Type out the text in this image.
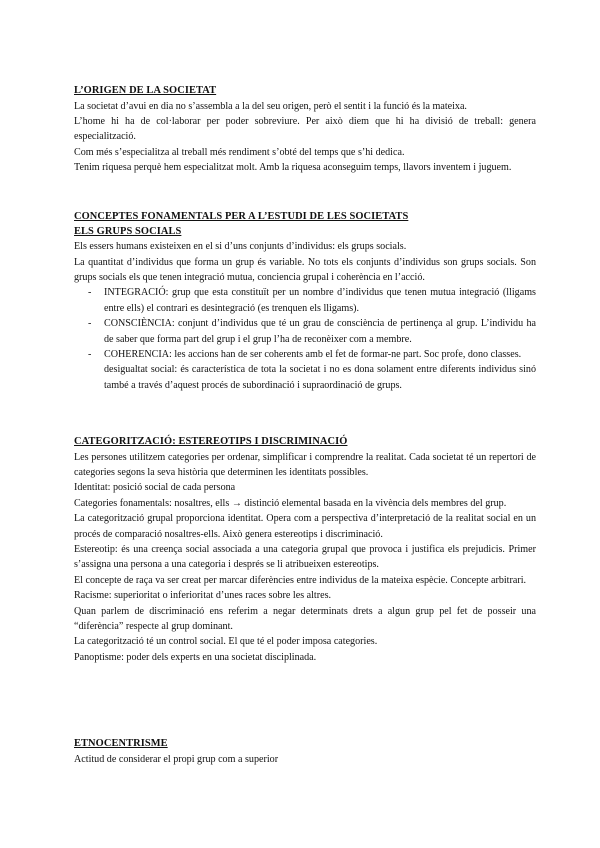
L’ORIGEN DE LA SOCIETAT

La societat d’avui en dia no s’assembla a la del seu origen, però el sentit i la funció és la mateixa.

L’home hi ha de col·laborar per poder sobreviure. Per això diem que hi ha divisió de treball: genera especialització.

Com més s’especialitza al treball més rendiment s’obté del temps que s’hi dedica.

Tenim riquesa perquè hem especialitzat molt. Amb la riquesa aconseguim temps, llavors inventem i juguem.

CONCEPTES FONAMENTALS PER A L’ESTUDI DE LES SOCIETATS
ELS GRUPS SOCIALS

Els essers humans existeixen en el si d’uns conjunts d’individus: els grups socials.

La quantitat d’individus que forma un grup és variable. No tots els conjunts d’individus son grups socials. Son grups socials els que tenen integració mutua, conciencia grupal i coherència en l’acció.

- INTEGRACIÓ: grup que esta constituït per un nombre d’individus que tenen mutua integració (lligams entre ells) el contrari es desintegració (es trenquen els lligams).
- CONSCIÈNCIA: conjunt d’individus que té un grau de consciència de pertinença al grup. L’individu ha de saber que forma part del grup i el grup l’ha de reconèixer com a membre.
- COHERENCIA: les accions han de ser coherents amb el fet de formar-ne part. Soc profe, dono classes.

desigualtat social: és característica de tota la societat i no es dona solament entre diferents individus sinó també a través d’aquest procés de subordinació i supraordinació de grups.

CATEGORITZACIÓ: ESTEREOTIPS I DISCRIMINACIÓ

Les persones utilitzem categories per ordenar, simplificar i comprendre la realitat. Cada societat té un repertori de categories segons la seva història que determinen les identitats possibles.

Identitat: posició social de cada persona

Categories fonamentals: nosaltres, ells → distinció elemental basada en la vivència dels membres del grup.

La categorització grupal proporciona identitat. Opera com a perspectiva d’interpretació de la realitat social en un procés de comparació nosaltres-ells. Això genera estereotips i discriminació.

Estereotip: és una creença social associada a una categoria grupal que provoca i justifica els prejudicis. Primer s’assigna una persona a una categoria i després se li atribueixen estereotips.

El concepte de raça va ser creat per marcar diferències entre individus de la mateixa espècie. Concepte arbitrari.

Racisme: superioritat o inferioritat d’unes races sobre les altres.

Quan parlem de discriminació ens referim a negar determinats drets a algun grup pel fet de posseir una “diferència” respecte al grup dominant.

La categorització té un control social. El que té el poder imposa categories.

Panoptisme: poder dels experts en una societat disciplinada.

ETNOCENTRISME

Actitud de considerar el propi grup com a superior
